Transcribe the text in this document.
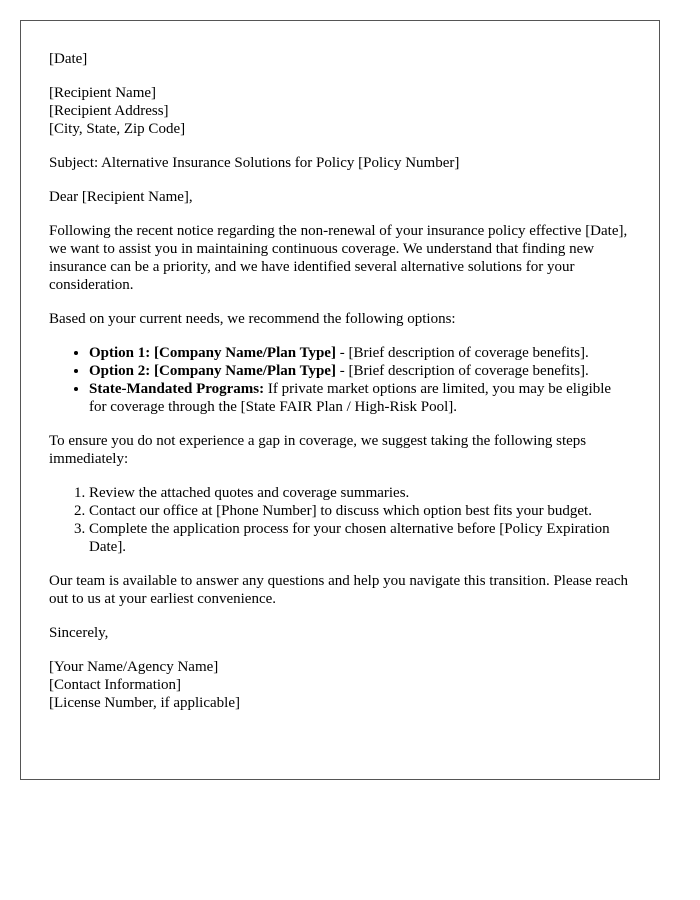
[Date]

[Recipient Name]
[Recipient Address]
[City, State, Zip Code]

Subject: Alternative Insurance Solutions for Policy [Policy Number]

Dear [Recipient Name],

Following the recent notice regarding the non-renewal of your insurance policy effective [Date], we want to assist you in maintaining continuous coverage. We understand that finding new insurance can be a priority, and we have identified several alternative solutions for your consideration.

Based on your current needs, we recommend the following options:

• Option 1: [Company Name/Plan Type] - [Brief description of coverage benefits].
• Option 2: [Company Name/Plan Type] - [Brief description of coverage benefits].
• State-Mandated Programs: If private market options are limited, you may be eligible for coverage through the [State FAIR Plan / High-Risk Pool].

To ensure you do not experience a gap in coverage, we suggest taking the following steps immediately:

1. Review the attached quotes and coverage summaries.
2. Contact our office at [Phone Number] to discuss which option best fits your budget.
3. Complete the application process for your chosen alternative before [Policy Expiration Date].

Our team is available to answer any questions and help you navigate this transition. Please reach out to us at your earliest convenience.

Sincerely,

[Your Name/Agency Name]
[Contact Information]
[License Number, if applicable]
